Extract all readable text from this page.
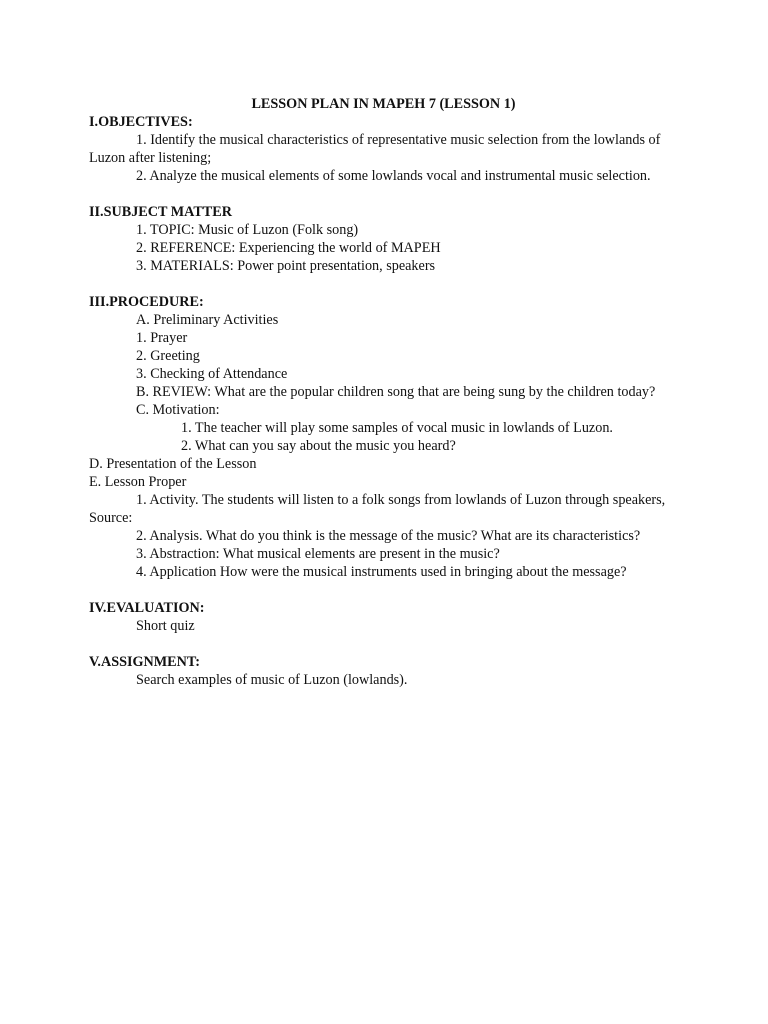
LESSON PLAN IN MAPEH 7 (LESSON 1)

I.OBJECTIVES:

1. Identify the musical characteristics of representative music selection from the lowlands of Luzon after listening;

2. Analyze the musical elements of some lowlands vocal and instrumental music selection.

II.SUBJECT MATTER

1. TOPIC: Music of Luzon (Folk song)

2. REFERENCE: Experiencing the world of MAPEH

3. MATERIALS: Power point presentation, speakers

III.PROCEDURE:

A. Preliminary Activities

1. Prayer

2. Greeting

3. Checking of Attendance

B. REVIEW: What are the popular children song that are being sung by the children today?

C. Motivation:

1. The teacher will play some samples of vocal music in lowlands of Luzon.

2. What can you say about the music you heard?

D. Presentation of the Lesson

E. Lesson Proper

1. Activity. The students will listen to a folk songs from lowlands of Luzon through speakers, Source:

2. Analysis. What do you think is the message of the music? What are its characteristics?

3. Abstraction: What musical elements are present in the music?

4. Application How were the musical instruments used in bringing about the message?

IV.EVALUATION:

Short quiz

V.ASSIGNMENT:

Search examples of music of Luzon (lowlands).
